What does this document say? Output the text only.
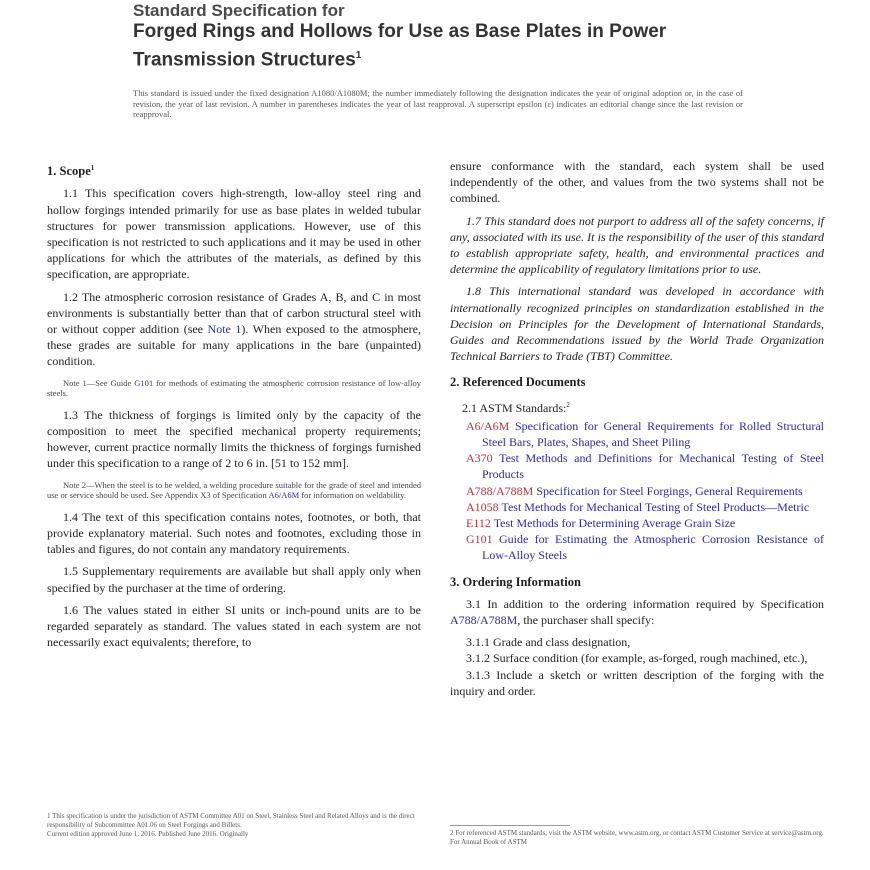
Standard Specification for
Forged Rings and Hollows for Use as Base Plates in Power
Transmission Structures$^1$
This standard is issued under the fixed designation A1080/A1080M; the number immediately following the designation indicates the year of original adoption or, in the case of revision, the year of last revision. A number in parentheses indicates the year of last reapproval. A superscript epsilon (ε) indicates an editorial change since the last revision or reapproval.
1. Scope$^1$

1.1 This specification covers high-strength, low-alloy steel ring and hollow forgings intended primarily for use as base plates in welded tubular structures for power transmission applications. However, use of this specification is not restricted to such applications and it may be used in other applications for which the attributes of the materials, as defined by this specification, are appropriate.

1.2 The atmospheric corrosion resistance of Grades A, B, and C in most environments is substantially better than that of carbon structural steel with or without copper addition (see Note 1). When exposed to the atmosphere, these grades are suitable for many applications in the bare (unpainted) condition.

Note 1—See Guide G101 for methods of estimating the atmospheric corrosion resistance of low-alloy steels.

1.3 The thickness of forgings is limited only by the capacity of the composition to meet the specified mechanical property requirements; however, current practice normally limits the thickness of forgings furnished under this specification to a range of 2 to 6 in. [51 to 152 mm].

Note 2—When the steel is to be welded, a welding procedure suitable for the grade of steel and intended use or service should be used. See Appendix X3 of Specification A6/A6M for information on weldability.

1.4 The text of this specification contains notes, footnotes, or both, that provide explanatory material. Such notes and footnotes, excluding those in tables and figures, do not contain any mandatory requirements.

1.5 Supplementary requirements are available but shall apply only when specified by the purchaser at the time of ordering.

1.6 The values stated in either SI units or inch-pound units are to be regarded separately as standard. The values stated in each system are not necessarily exact equivalents; therefore, to

1 This specification is under the jurisdiction of ASTM Committee A01 on Steel, Stainless Steel and Related Alloys and is the direct responsibility of Subcommittee A01.06 on Steel Forgings and Billets.
Current edition approved June 1, 2016. Published June 2016. Originally

ensure conformance with the standard, each system shall be used independently of the other, and values from the two systems shall not be combined.

1.7 This standard does not purport to address all of the safety concerns, if any, associated with its use. It is the responsibility of the user of this standard to establish appropriate safety, health, and environmental practices and determine the applicability of regulatory limitations prior to use.

1.8 This international standard was developed in accordance with internationally recognized principles on standardization established in the Decision on Principles for the Development of International Standards, Guides and Recommendations issued by the World Trade Organization Technical Barriers to Trade (TBT) Committee.

2. Referenced Documents
2.1 ASTM Standards:$^2$
A6/A6M Specification for General Requirements for Rolled Structural Steel Bars, Plates, Shapes, and Sheet Piling
A370 Test Methods and Definitions for Mechanical Testing of Steel Products
A788/A788M Specification for Steel Forgings, General Requirements
A1058 Test Methods for Mechanical Testing of Steel Products—Metric
E112 Test Methods for Determining Average Grain Size
G101 Guide for Estimating the Atmospheric Corrosion Resistance of Low-Alloy Steels
3. Ordering Information

3.1 In addition to the ordering information required by Specification A788/A788M, the purchaser shall specify:

3.1.1 Grade and class designation,

3.1.2 Surface condition (for example, as-forged, rough machined, etc.),

3.1.3 Include a sketch or written description of the forging with the inquiry and order.

2 For referenced ASTM standards, visit the ASTM website, www.astm.org, or contact ASTM Customer Service at service@astm.org. For Annual Book of ASTM
